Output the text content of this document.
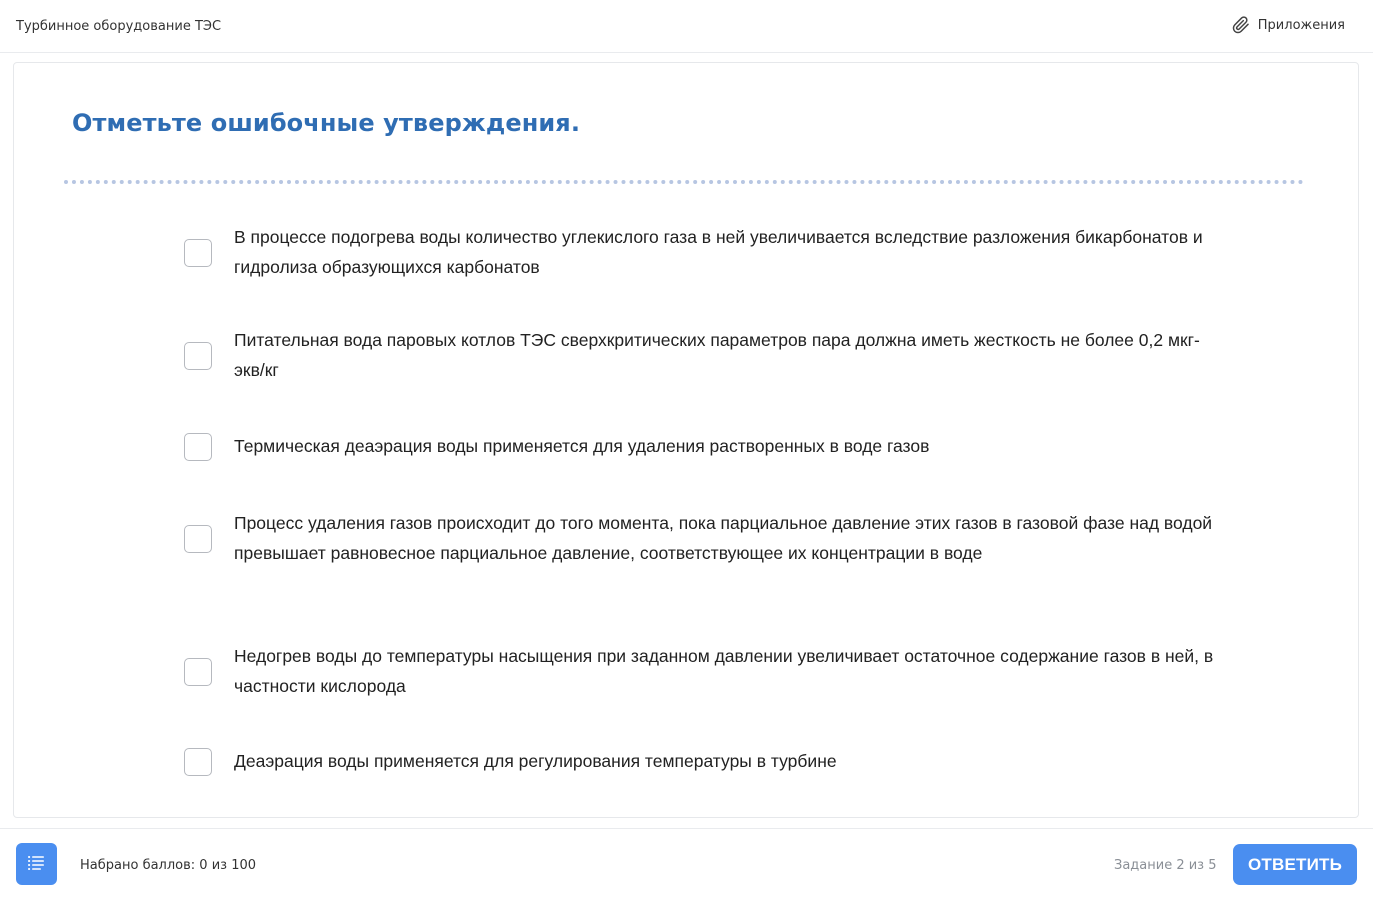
Турбинное оборудование ТЭС	Приложения
Отметьте ошибочные утверждения.
В процессе подогрева воды количество углекислого газа в ней увеличивается вследствие разложения бикарбонатов и гидролиза образующихся карбонатов
Питательная вода паровых котлов ТЭС сверхкритических параметров пара должна иметь жесткость не более 0,2 мкг-экв/кг
Термическая деаэрация воды применяется для удаления растворенных в воде газов
Процесс удаления газов происходит до того момента, пока парциальное давление этих газов в газовой фазе над водой превышает равновесное парциальное давление, соответствующее их концентрации в воде
Недогрев воды до температуры насыщения при заданном давлении увеличивает остаточное содержание газов в ней, в частности кислорода
Деаэрация воды применяется для регулирования температуры в турбине
Набрано баллов: 0 из 100	Задание 2 из 5	ОТВЕТИТЬ
